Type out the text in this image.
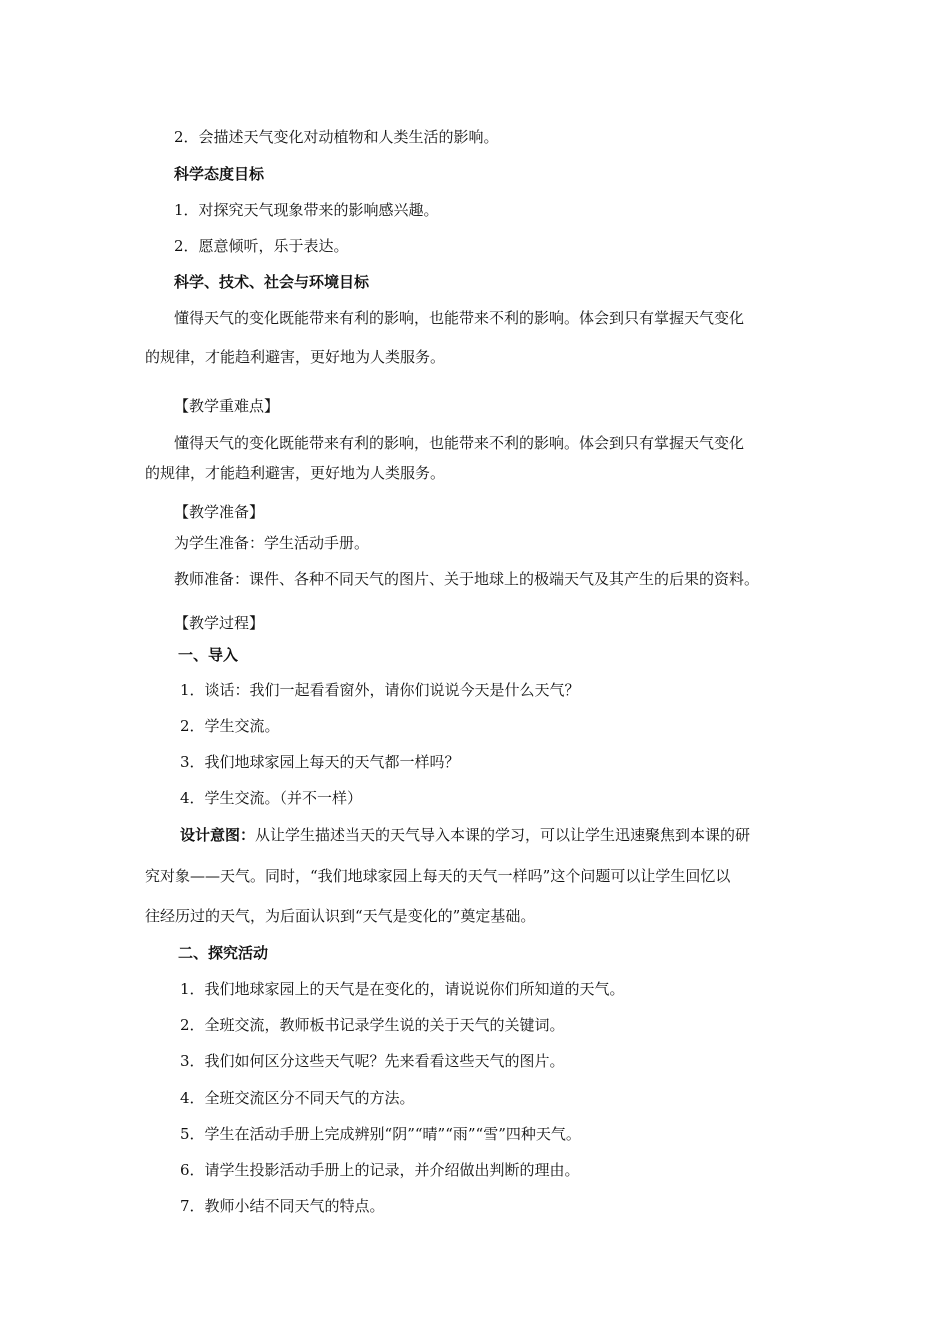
2．会描述天气变化对动植物和人类生活的影响。
科学态度目标
1．对探究天气现象带来的影响感兴趣。
2．愿意倾听，乐于表达。
科学、技术、社会与环境目标
懂得天气的变化既能带来有利的影响，也能带来不利的影响。体会到只有掌握天气变化
的规律，才能趋利避害，更好地为人类服务。
【教学重难点】
懂得天气的变化既能带来有利的影响，也能带来不利的影响。体会到只有掌握天气变化
的规律，才能趋利避害，更好地为人类服务。
【教学准备】
为学生准备：学生活动手册。
教师准备：课件、各种不同天气的图片、关于地球上的极端天气及其产生的后果的资料。
【教学过程】
一、导入
1．谈话：我们一起看看窗外，请你们说说今天是什么天气？
2．学生交流。
3．我们地球家园上每天的天气都一样吗？
4．学生交流。（并不一样）
设计意图：从让学生描述当天的天气导入本课的学习，可以让学生迅速聚焦到本课的研
究对象——天气。同时，“我们地球家园上每天的天气一样吗”这个问题可以让学生回忆以
往经历过的天气，为后面认识到“天气是变化的”奠定基础。
二、探究活动
1．我们地球家园上的天气是在变化的，请说说你们所知道的天气。
2．全班交流，教师板书记录学生说的关于天气的关键词。
3．我们如何区分这些天气呢？先来看看这些天气的图片。
4．全班交流区分不同天气的方法。
5．学生在活动手册上完成辨别“阴”“晴”“雨”“雪”四种天气。
6．请学生投影活动手册上的记录，并介绍做出判断的理由。
7．教师小结不同天气的特点。
